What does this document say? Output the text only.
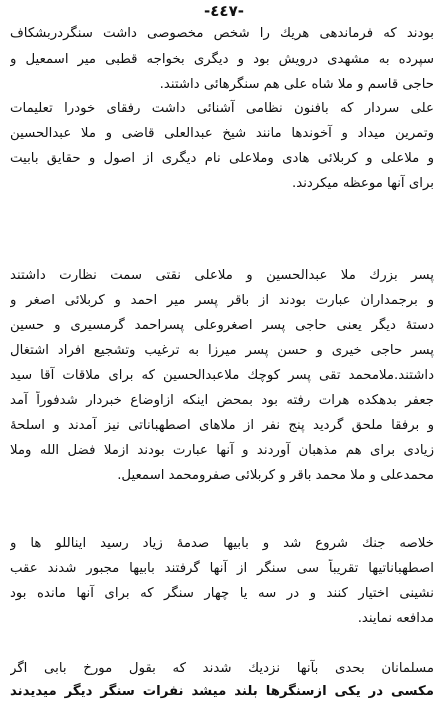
-٤٤٧-
بودند که فرماندهی هریك را شخص مخصوصی داشت سنگردربشکاف
سپرده به مشهدی درویش بود و دیگری بخواجه قطبی میر اسمعیل و
حاجی قاسم و ملا شاه علی هم سنگرهائی داشتند.
علی سردار که بافنون نظامی آشنائی داشت رفقای خودرا تعلیمات
وتمرین میداد و آخوندها مانند شیخ عبدالعلی قاضی و ملا عبدالحسین
و ملاعلی و کربلائی هادی وملاعلی نام دیگری از اصول و حقایق بابیت
برای آنها موعظه میکردند.
پسر بزرك ملا عبدالحسین و ملاعلی نقتی سمت نظارت داشتند
و برجمداران عبارت بودند از باقر پسر میر احمد و کربلائی اصغر و
دستهٔ دیگر یعنی حاجی پسر اصغروعلی پسراحمد گرمسیری و حسین
پسر حاجی خیری و حسن پسر میرزا به ترغیب وتشجیع افراد اشتغال
داشتند.ملامحمد تقی پسر کوچك ملاعبدالحسین که برای ملاقات آقا سید
جعفر بدهکده هرات رفته بود بمحض اینکه ازاوضاع خبردار شدفوراً آمد
و برفقا ملحق گردید پنج نفر از ملاهای اصطهباناتی نیز آمدند و اسلحهٔ
زیادی برای هم مذهبان آوردند و آنها عبارت بودند ازملا فضل الله وملا
محمدعلی و ملا محمد باقر و کربلائی صفرومحمد اسمعیل.
خلاصه جنك شروع شد و بابیها صدمهٔ زیاد رسید ایناللو ها و
اصطهباناتیها تقریباً سی سنگر از آنها گرفتند بابیها مجبور شدند عقب
نشینی اختیار کنند و در سه یا چهار سنگر که برای آنها مانده بود
مدافعه نمایند.
مسلمانان بحدی بآنها نزدیك شدند که بقول مورخ بابی اگر
مکسی در یکی ازسنگرها بلند میشد نفرات سنگر دیگر میدیدند
